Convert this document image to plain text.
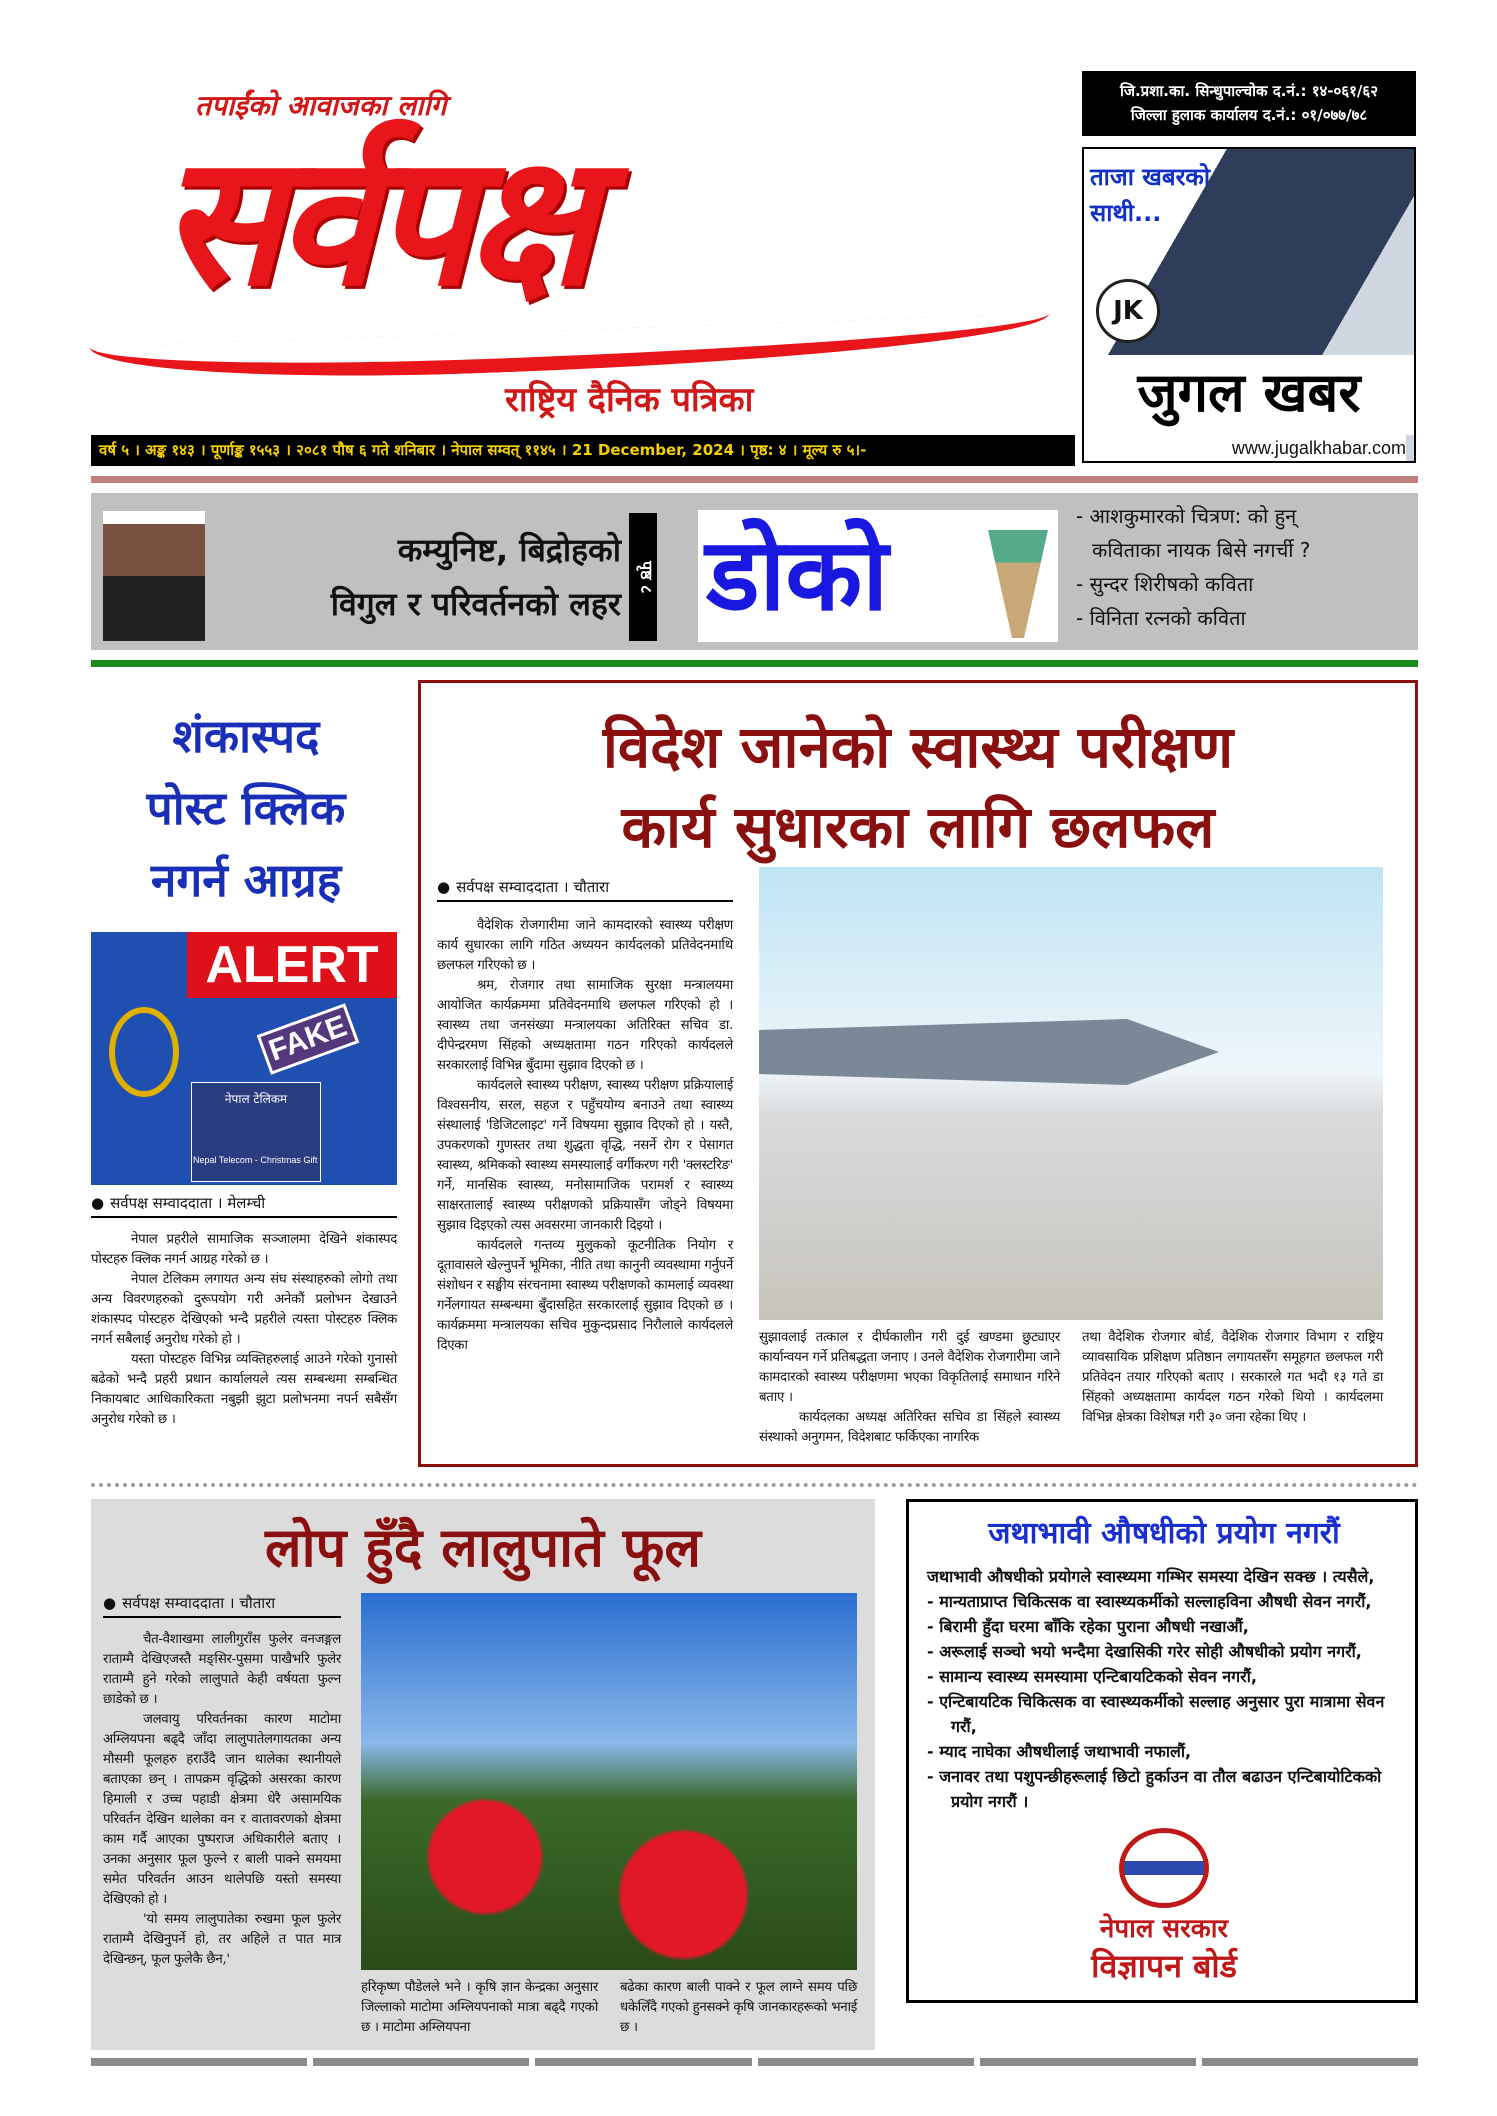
तपाईंको आवाजका लागि
सर्वपक्ष
राष्ट्रिय दैनिक पत्रिका
वर्ष ५ । अङ्क १४३ । पूर्णाङ्क १५५३ । २०८१ पौष ६ गते शनिबार । नेपाल सम्वत् ११४५ । 21 December, 2024 । पृष्ठ: ४ । मूल्य रु ५।-
जि.प्रशा.का. सिन्धुपाल्चोक द.नं.: १४-०६१/६२
जिल्ला हुलाक कार्यालय द.नं.: ०१/०७७/७८
ताजा खबरको
साथी...
JK
जुगल खबर
www.jugalkhabar.com
कम्युनिष्ट, बिद्रोहको
विगुल र परिवर्तनको लहर
पृष्ठ ८ डोको	- आशकुमारको चित्रण: को हुन्
कविताका नायक बिसे नगर्ची ?
- सुन्दर शिरीषको कविता
- विनिता रत्नको कविता
शंकास्पद
पोस्ट क्लिक
नगर्न आग्रह
ALERT
FAKE
नेपाल टेलिकम
Nepal Telecom - Christmas Gift
● सर्वपक्ष सम्वाददाता । मेलम्ची

नेपाल प्रहरीले सामाजिक सञ्जालमा देखिने शंकास्पद पोस्टहरु क्लिक नगर्न आग्रह गरेको छ ।

नेपाल टेलिकम लगायत अन्य संघ संस्थाहरुको लोगो तथा अन्य विवरणहरुको दुरूपयोग गरी अनेकौं प्रलोभन देखाउने शंकास्पद पोस्टहरु देखिएको भन्दै प्रहरीले त्यस्ता पोस्टहरु क्लिक नगर्न सबैलाई अनुरोध गरेको हो ।

यस्ता पोस्टहरु विभिन्न व्यक्तिहरुलाई आउने गरेको गुनासो बढेको भन्दै प्रहरी प्रधान कार्यालयले त्यस सम्बन्धमा सम्बन्धित निकायबाट आधिकारिकता नबुझी झुटा प्रलोभनमा नपर्न सबैसँग अनुरोध गरेको छ ।

विदेश जानेको स्वास्थ्य परीक्षण
कार्य सुधारका लागि छलफल
● सर्वपक्ष सम्वाददाता । चौतारा

वैदेशिक रोजगारीमा जाने कामदारको स्वास्थ्य परीक्षण कार्य सुधारका लागि गठित अध्ययन कार्यदलको प्रतिवेदनमाथि छलफल गरिएको छ ।

श्रम, रोजगार तथा सामाजिक सुरक्षा मन्त्रालयमा आयोजित कार्यक्रममा प्रतिवेदनमाथि छलफल गरिएको हो । स्वास्थ्य तथा जनसंख्या मन्त्रालयका अतिरिक्त सचिव डा. दीपेन्द्ररमण सिंहको अध्यक्षतामा गठन गरिएको कार्यदलले सरकारलाई विभिन्न बुँदामा सुझाव दिएको छ ।

कार्यदलले स्वास्थ्य परीक्षण, स्वास्थ्य परीक्षण प्रक्रियालाई विश्वसनीय, सरल, सहज र पहुँचयोग्य बनाउने तथा स्वास्थ्य संस्थालाई 'डिजिटलाइट' गर्ने विषयमा सुझाव दिएको हो । यस्तै, उपकरणको गुणस्तर तथा शुद्धता वृद्धि, नसर्ने रोग र पेसागत स्वास्थ्य, श्रमिकको स्वास्थ्य समस्यालाई वर्गीकरण गरी 'क्लस्टरिङ' गर्ने, मानसिक स्वास्थ्य, मनोसामाजिक परामर्श र स्वास्थ्य साक्षरतालाई स्वास्थ्य परीक्षणको प्रक्रियासँग जोड्ने विषयमा सुझाव दिइएको त्यस अवसरमा जानकारी दिइयो ।

कार्यदलले गन्तव्य मुलुकको कूटनीतिक नियोग र दूतावासले खेल्नुपर्ने भूमिका, नीति तथा कानुनी व्यवस्थामा गर्नुपर्ने संशोधन र सङ्घीय संरचनामा स्वास्थ्य परीक्षणको कामलाई व्यवस्था गर्नेलगायत सम्बन्धमा बुँदासहित सरकारलाई सुझाव दिएको छ । कार्यक्रममा मन्त्रालयका सचिव मुकुन्दप्रसाद निरौलाले कार्यदलले दिएका

सुझावलाई तत्काल र दीर्घकालीन गरी दुई खण्डमा छुट्याएर कार्यान्वयन गर्ने प्रतिबद्धता जनाए । उनले वैदेशिक रोजगारीमा जाने कामदारको स्वास्थ्य परीक्षणमा भएका विकृतिलाई समाधान गरिने बताए ।

कार्यदलका अध्यक्ष अतिरिक्त सचिव डा सिंहले स्वास्थ्य संस्थाको अनुगमन, विदेशबाट फर्किएका नागरिक

तथा वैदेशिक रोजगार बोर्ड, वैदेशिक रोजगार विभाग र राष्ट्रिय व्यावसायिक प्रशिक्षण प्रतिष्ठान लगायतसँग समूहगत छलफल गरी प्रतिवेदन तयार गरिएको बताए । सरकारले गत भदौ १३ गते डा सिंहको अध्यक्षतामा कार्यदल गठन गरेको थियो । कार्यदलमा विभिन्न क्षेत्रका विशेषज्ञ गरी ३० जना रहेका थिए ।

लोप हुँदै लालुपाते फूल
● सर्वपक्ष सम्वाददाता । चौतारा

चैत-वैशाखमा लालीगुराँस फुलेर वनजङ्गल राताम्मै देखिएजस्तै मङ्सिर-पुसमा पाखैभरि फुलेर राताम्मै हुने गरेको लालुपाते केही वर्षयता फुल्न छाडेको छ ।

जलवायु परिवर्तनका कारण माटोमा अम्लियपना बढ्दै जाँदा लालुपातेलगायतका अन्य मौसमी फूलहरु हराउँदै जान थालेका स्थानीयले बताएका छन् । तापक्रम वृद्धिको असरका कारण हिमाली र उच्च पहाडी क्षेत्रमा धेरै असामयिक परिवर्तन देखिन थालेका वन र वातावरणको क्षेत्रमा काम गर्दै आएका पुष्पराज अधिकारीले बताए । उनका अनुसार फूल फुल्ने र बाली पाक्ने समयमा समेत परिवर्तन आउन थालेपछि यस्तो समस्या देखिएको हो ।

'यो समय लालुपातेका रुखमा फूल फुलेर राताम्मै देखिनुपर्ने हो, तर अहिले त पात मात्र देखिन्छन्, फूल फुलेकै छैन,'

हरिकृष्ण पौडेलले भने । कृषि ज्ञान केन्द्रका अनुसार जिल्लाको माटोमा अम्लियपनाको मात्रा बढ्दै गएको छ । माटोमा अम्लियपना
बढेका कारण बाली पाक्ने र फूल लाग्ने समय पछि धकेलिँदै गएको हुनसक्ने कृषि जानकारहरूको भनाई छ ।
जथाभावी औषधीको प्रयोग नगरौं
जथाभावी औषधीको प्रयोगले स्वास्थ्यमा गम्भिर समस्या देखिन सक्छ । त्यसैले,
- मान्यताप्राप्त चिकित्सक वा स्वास्थ्यकर्मीको सल्लाहविना औषधी सेवन नगरौं,
- बिरामी हुँदा घरमा बाँकि रहेका पुराना औषधी नखाऔं,
- अरूलाई सञ्चो भयो भन्दैमा देखासिकी गरेर सोही औषधीको प्रयोग नगरौं,
- सामान्य स्वास्थ्य समस्यामा एन्टिबायटिकको सेवन नगरौं,
- एन्टिबायटिक चिकित्सक वा स्वास्थ्यकर्मीको सल्लाह अनुसार पुरा मात्रामा सेवन गरौं,
- म्याद नाघेका औषधीलाई जथाभावी नफालौं,
- जनावर तथा पशुपन्छीहरूलाई छिटो हुर्काउन वा तौल बढाउन एन्टिबायोटिकको प्रयोग नगरौं ।
नेपाल सरकार
विज्ञापन बोर्ड
